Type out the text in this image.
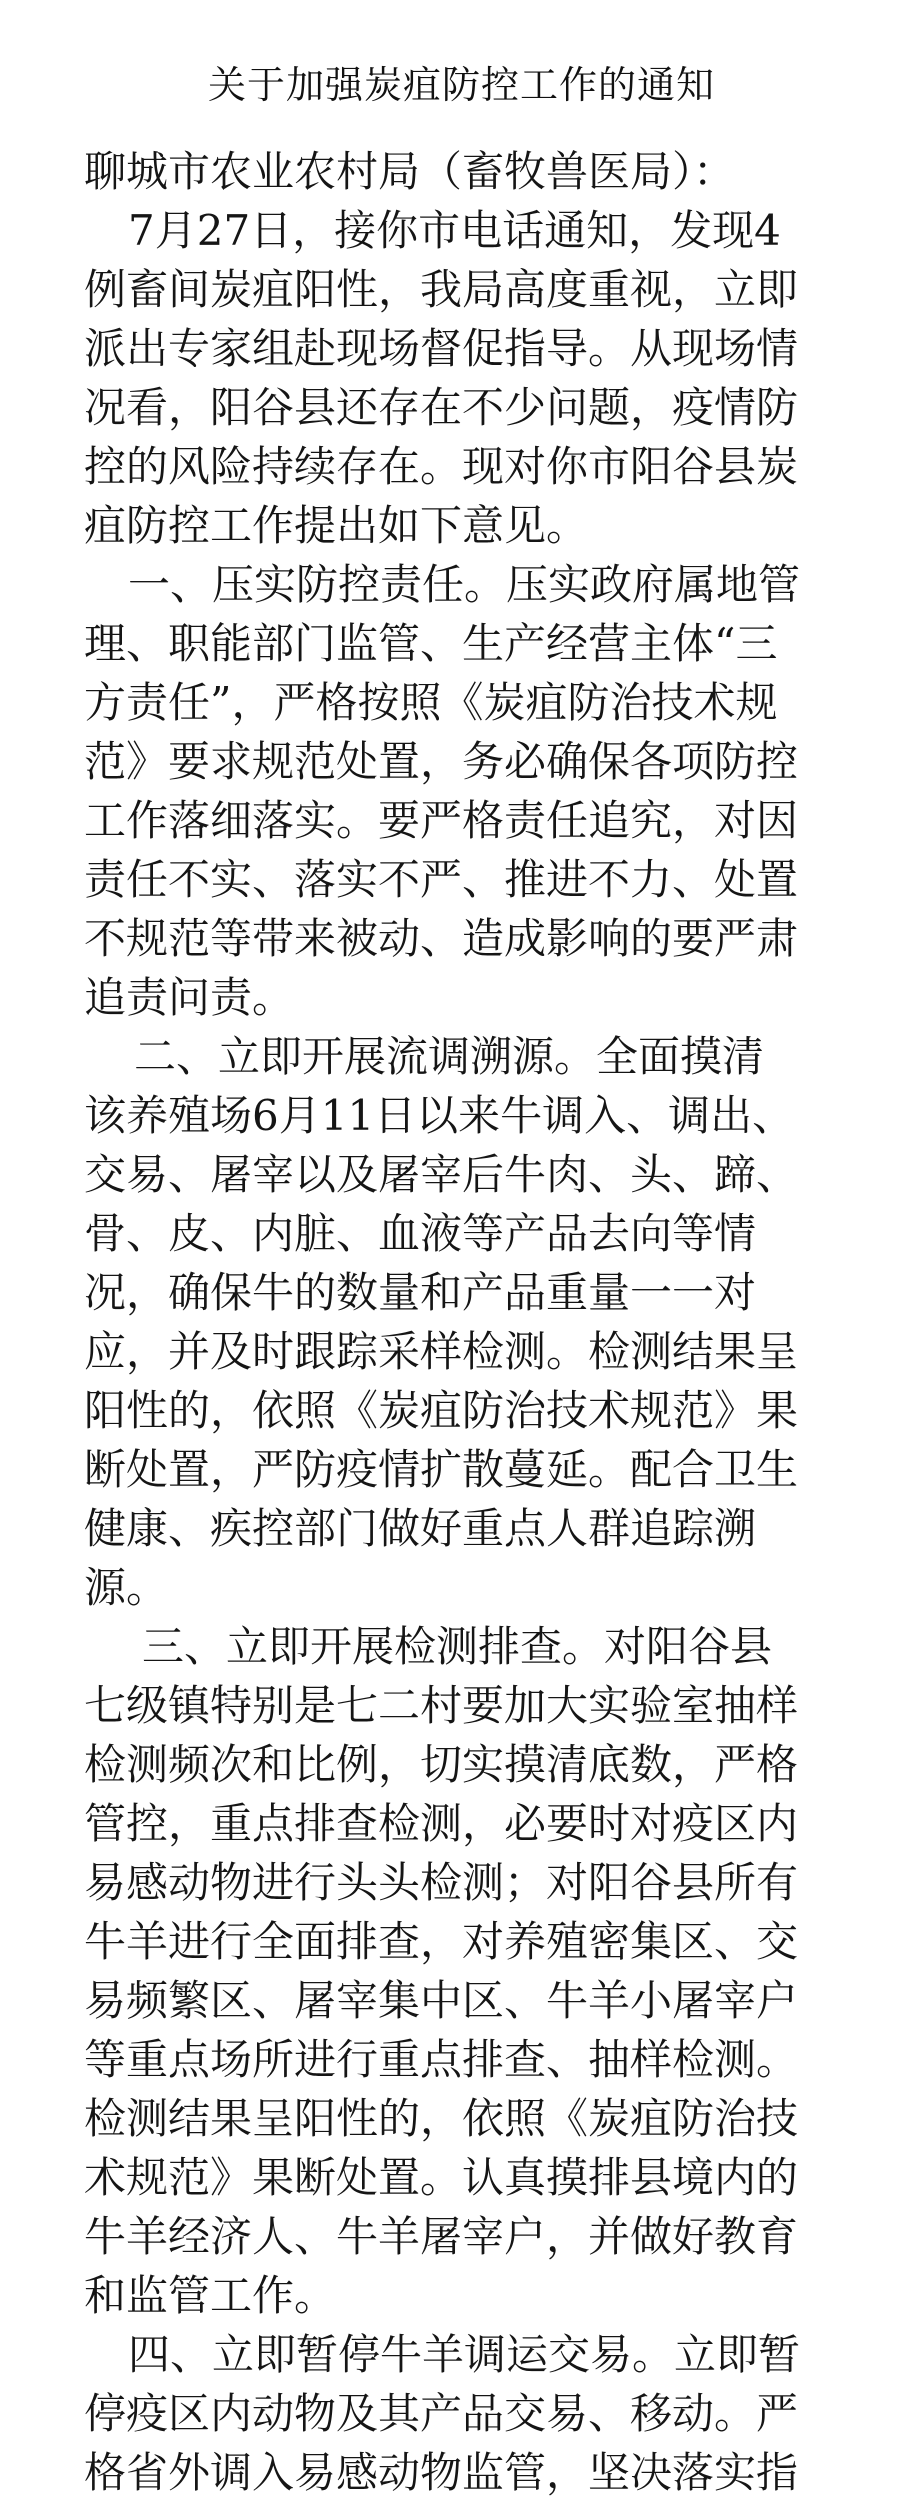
关于加强炭疽防控工作的通知
聊城市农业农村局（畜牧兽医局）：
7月27日，接你市电话通知，发现4
例畜间炭疽阳性，我局高度重视，立即
派出专家组赴现场督促指导。从现场情
况看，阳谷县还存在不少问题，疫情防
控的风险持续存在。现对你市阳谷县炭
疽防控工作提出如下意见。
一、压实防控责任。压实政府属地管
理、职能部门监管、生产经营主体“三
方责任”，严格按照《炭疽防治技术规
范》要求规范处置，务必确保各项防控
工作落细落实。要严格责任追究，对因
责任不实、落实不严、推进不力、处置
不规范等带来被动、造成影响的要严肃
追责问责。
二、立即开展流调溯源。全面摸清
该养殖场6月11日以来牛调入、调出、
交易、屠宰以及屠宰后牛肉、头、蹄、
骨、皮、内脏、血液等产品去向等情
况，确保牛的数量和产品重量一一对
应，并及时跟踪采样检测。检测结果呈
阳性的，依照《炭疽防治技术规范》果
断处置，严防疫情扩散蔓延。配合卫生
健康、疾控部门做好重点人群追踪溯
源。
三、立即开展检测排查。对阳谷县
七级镇特别是七二村要加大实验室抽样
检测频次和比例，切实摸清底数，严格
管控，重点排查检测，必要时对疫区内
易感动物进行头头检测；对阳谷县所有
牛羊进行全面排查，对养殖密集区、交
易频繁区、屠宰集中区、牛羊小屠宰户
等重点场所进行重点排查、抽样检测。
检测结果呈阳性的，依照《炭疽防治技
术规范》果断处置。认真摸排县境内的
牛羊经济人、牛羊屠宰户，并做好教育
和监管工作。
四、立即暂停牛羊调运交易。立即暂
停疫区内动物及其产品交易、移动。严
格省外调入易感动物监管，坚决落实指
